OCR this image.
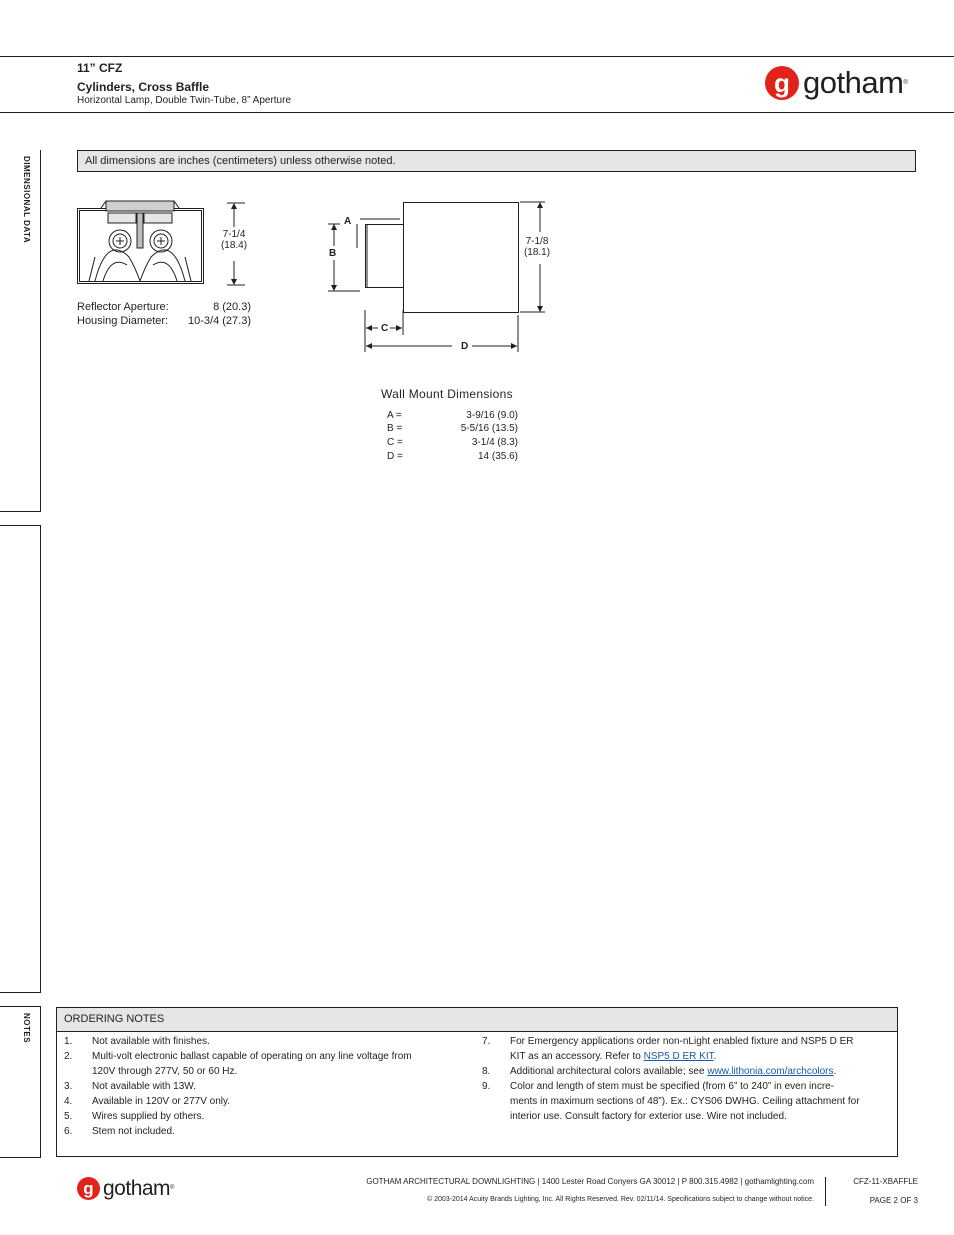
11” CFZ
Cylinders, Cross Baffle
Horizontal Lamp, Double Twin-Tube, 8” Aperture
g gotham®
DIMENSIONAL DATA
NOTES
All dimensions are inches (centimeters) unless otherwise noted.
7-1/4
(18.4)
Reflector Aperture:	8 (20.3)
Housing Diameter:	10-3/4 (27.3)
A
B
C
D
7-1/8
(18.1)
Wall Mount Dimensions
A =	3-9/16 (9.0)
B =	5-5/16 (13.5)
C =	3-1/4 (8.3)
D =	14 (35.6)
ORDERING NOTES
1. Not available with finishes.
2. Multi-volt electronic ballast capable of operating on any line voltage from
120V through 277V, 50 or 60 Hz.
3. Not available with 13W.
4. Available in 120V or 277V only.
5. Wires supplied by others.
6. Stem not included.
7. For Emergency applications order non-nLight enabled fixture and NSP5 D ER
KIT as an accessory. Refer to NSP5 D ER KIT.
8. Additional architectural colors available; see www.lithonia.com/archcolors.
9. Color and length of stem must be specified (from 6” to 240” in even incre-
ments in maximum sections of 48”). Ex.: CYS06 DWHG. Ceiling attachment for
interior use. Consult factory for exterior use. Wire not included.
g gotham®
GOTHAM ARCHITECTURAL DOWNLIGHTING | 1400 Lester Road Conyers GA 30012 | P 800.315.4982 | gothamlighting.com
© 2003-2014 Acuity Brands Lighting, Inc. All Rights Reserved. Rev. 02/11/14. Specifications subject to change without notice.
CFZ-11-XBAFFLE
PAGE 2 OF 3
